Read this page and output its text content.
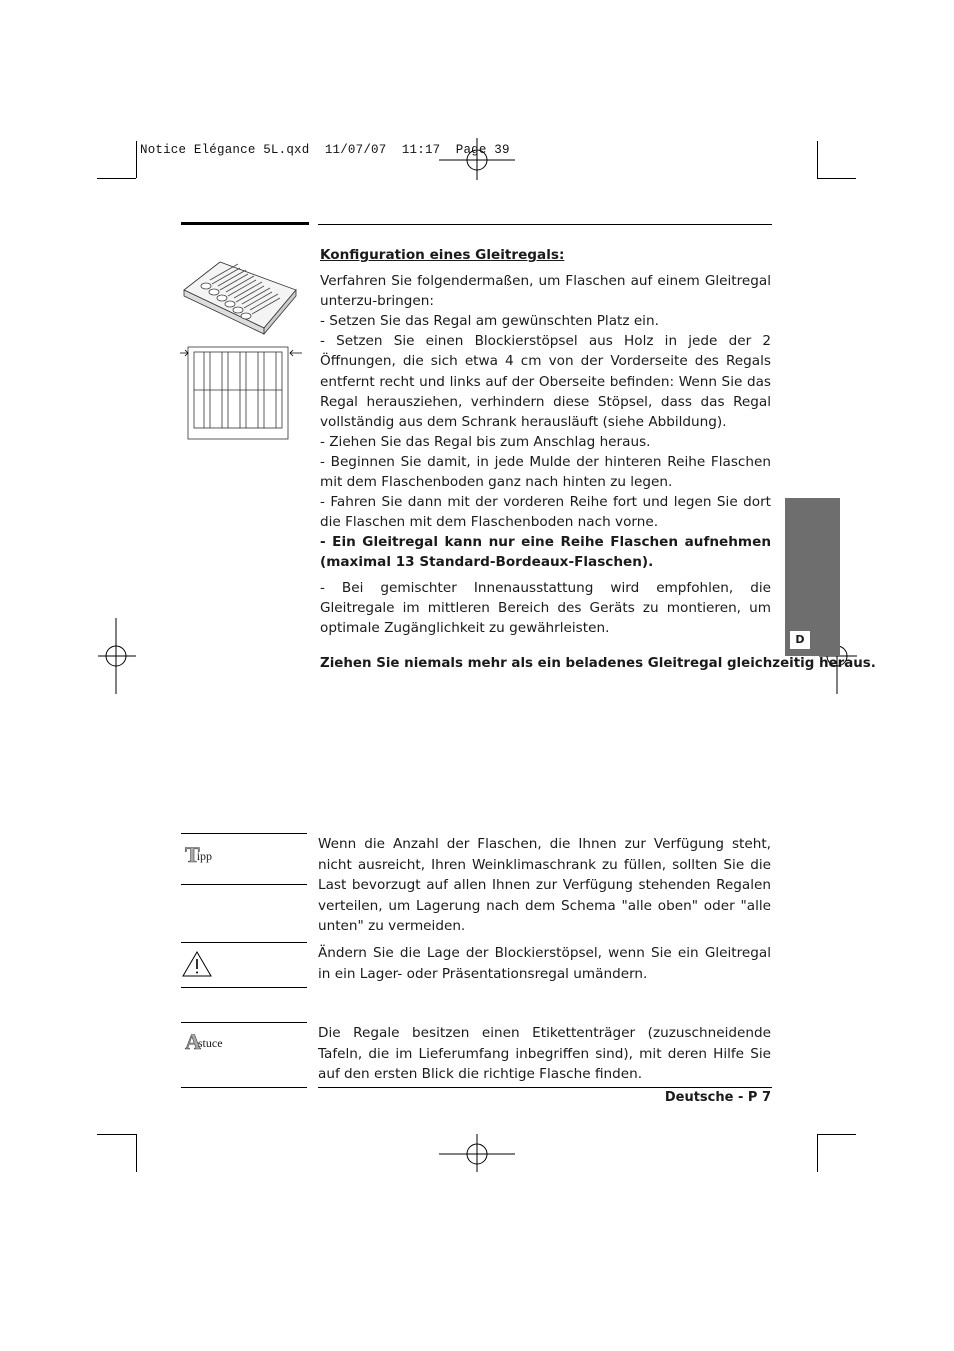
Notice Elégance 5L.qxd  11/07/07  11:17  Page 39

Konfiguration eines Gleitregals:

Verfahren Sie folgendermaßen, um Flaschen auf einem Gleitregal unterzu-bringen:

- Setzen Sie das Regal am gewünschten Platz ein.

- Setzen Sie einen Blockierstöpsel aus Holz in jede der 2 Öffnungen, die sich etwa 4 cm von der Vorderseite des Regals entfernt recht und links auf der Oberseite befinden: Wenn Sie das Regal herausziehen, verhindern diese Stöpsel, dass das Regal vollständig aus dem Schrank herausläuft (siehe Abbildung).

- Ziehen Sie das Regal bis zum Anschlag heraus.

- Beginnen Sie damit, in jede Mulde der hinteren Reihe Flaschen mit dem Flaschenboden ganz nach hinten zu legen.

- Fahren Sie dann mit der vorderen Reihe fort und legen Sie dort die Flaschen mit dem Flaschenboden nach vorne.

- Ein Gleitregal kann nur eine Reihe Flaschen aufnehmen (maximal 13 Standard-Bordeaux-Flaschen).

- Bei gemischter Innenausstattung wird empfohlen, die Gleitregale im mittleren Bereich des Geräts zu montieren, um optimale Zugänglichkeit zu gewährleisten.

Ziehen Sie niemals mehr als ein beladenes Gleitregal gleichzeitig heraus.
D
Tipp

Wenn die Anzahl der Flaschen, die Ihnen zur Verfügung steht, nicht ausreicht, Ihren Weinklimaschrank zu füllen, sollten Sie die Last bevorzugt auf allen Ihnen zur Verfügung stehenden Regalen verteilen, um Lagerung nach dem Schema "alle oben" oder "alle unten" zu vermeiden.

Ändern Sie die Lage der Blockierstöpsel, wenn Sie ein Gleitregal in ein Lager- oder Präsentationsregal umändern.

Astuce

Die Regale besitzen einen Etikettenträger (zuzuschneidende Tafeln, die im Lieferumfang inbegriffen sind), mit deren Hilfe Sie auf den ersten Blick die richtige Flasche finden.

Deutsche - P 7
